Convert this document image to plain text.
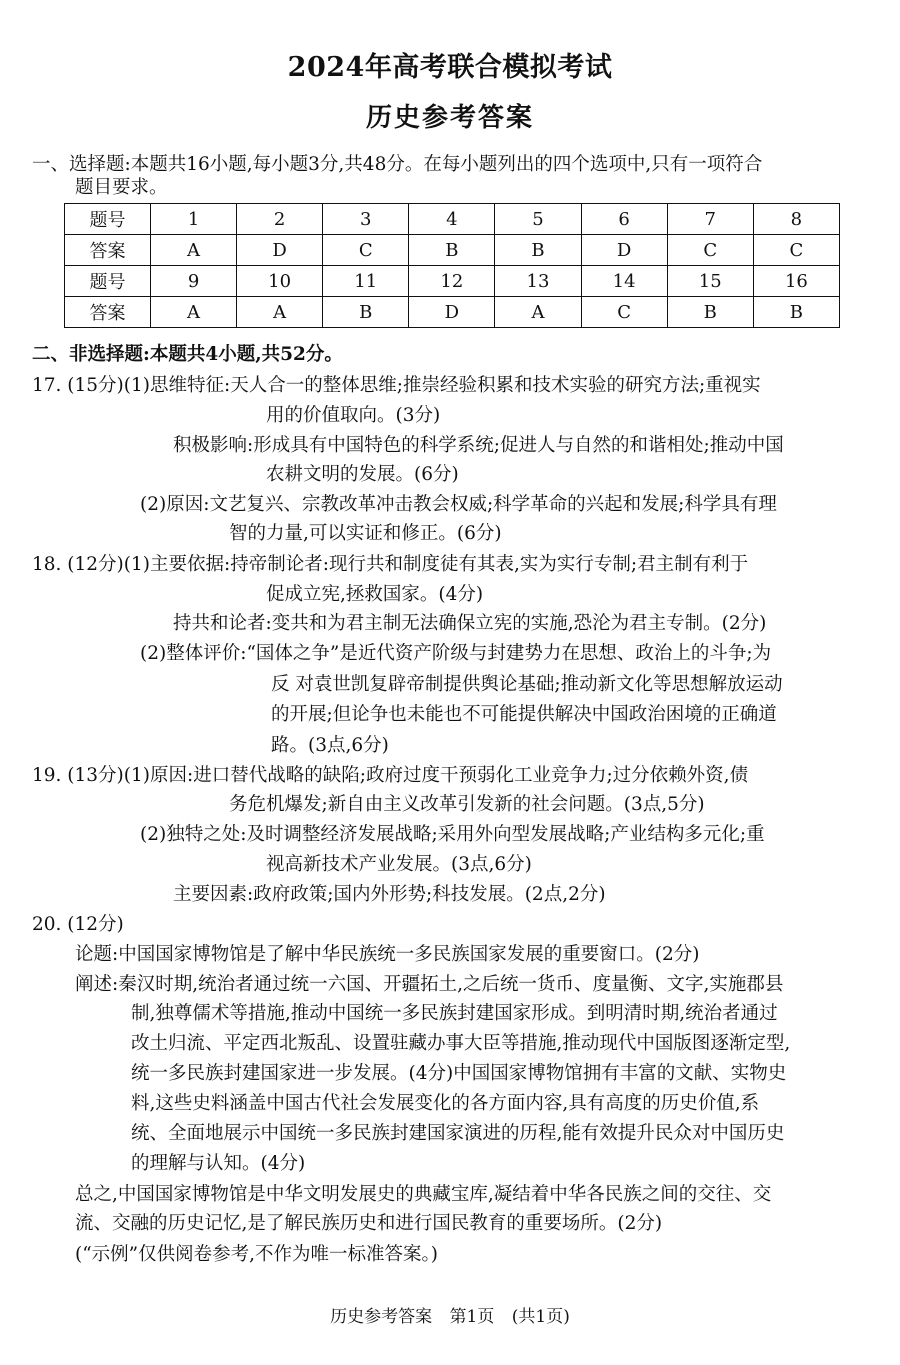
2024年高考联合模拟考试
历史参考答案
一、选择题:本题共16小题,每小题3分,共48分。在每小题列出的四个选项中,只有一项符合
题目要求。
题号	1	2	3	4	5	6	7	8
答案	A	D	C	B	B	D	C	C
题号	9	10	11	12	13	14	15	16
答案	A	A	B	D	A	C	B	B
二、非选择题:本题共4小题,共52分。
17. (15分)(1)思维特征:天人合一的整体思维;推崇经验积累和技术实验的研究方法;重视实
用的价值取向。(3分)
积极影响:形成具有中国特色的科学系统;促进人与自然的和谐相处;推动中国
农耕文明的发展。(6分)
(2)原因:文艺复兴、宗教改革冲击教会权威;科学革命的兴起和发展;科学具有理
智的力量,可以实证和修正。(6分)
18. (12分)(1)主要依据:持帝制论者:现行共和制度徒有其表,实为实行专制;君主制有利于
促成立宪,拯救国家。(4分)
持共和论者:变共和为君主制无法确保立宪的实施,恐沦为君主专制。(2分)
(2)整体评价:“国体之争”是近代资产阶级与封建势力在思想、政治上的斗争;为
反 对袁世凯复辟帝制提供舆论基础;推动新文化等思想解放运动
的开展;但论争也未能也不可能提供解决中国政治困境的正确道
路。(3点,6分)
19. (13分)(1)原因:进口替代战略的缺陷;政府过度干预弱化工业竞争力;过分依赖外资,债
务危机爆发;新自由主义改革引发新的社会问题。(3点,5分)
(2)独特之处:及时调整经济发展战略;采用外向型发展战略;产业结构多元化;重
视高新技术产业发展。(3点,6分)
主要因素:政府政策;国内外形势;科技发展。(2点,2分)
20. (12分)
论题:中国国家博物馆是了解中华民族统一多民族国家发展的重要窗口。(2分)
阐述:秦汉时期,统治者通过统一六国、开疆拓土,之后统一货币、度量衡、文字,实施郡县
制,独尊儒术等措施,推动中国统一多民族封建国家形成。到明清时期,统治者通过
改土归流、平定西北叛乱、设置驻藏办事大臣等措施,推动现代中国版图逐渐定型,
统一多民族封建国家进一步发展。(4分)中国国家博物馆拥有丰富的文献、实物史
料,这些史料涵盖中国古代社会发展变化的各方面内容,具有高度的历史价值,系
统、全面地展示中国统一多民族封建国家演进的历程,能有效提升民众对中国历史
的理解与认知。(4分)
总之,中国国家博物馆是中华文明发展史的典藏宝库,凝结着中华各民族之间的交往、交
流、交融的历史记忆,是了解民族历史和进行国民教育的重要场所。(2分)
(“示例”仅供阅卷参考,不作为唯一标准答案。)
历史参考答案 第1页 (共1页)
